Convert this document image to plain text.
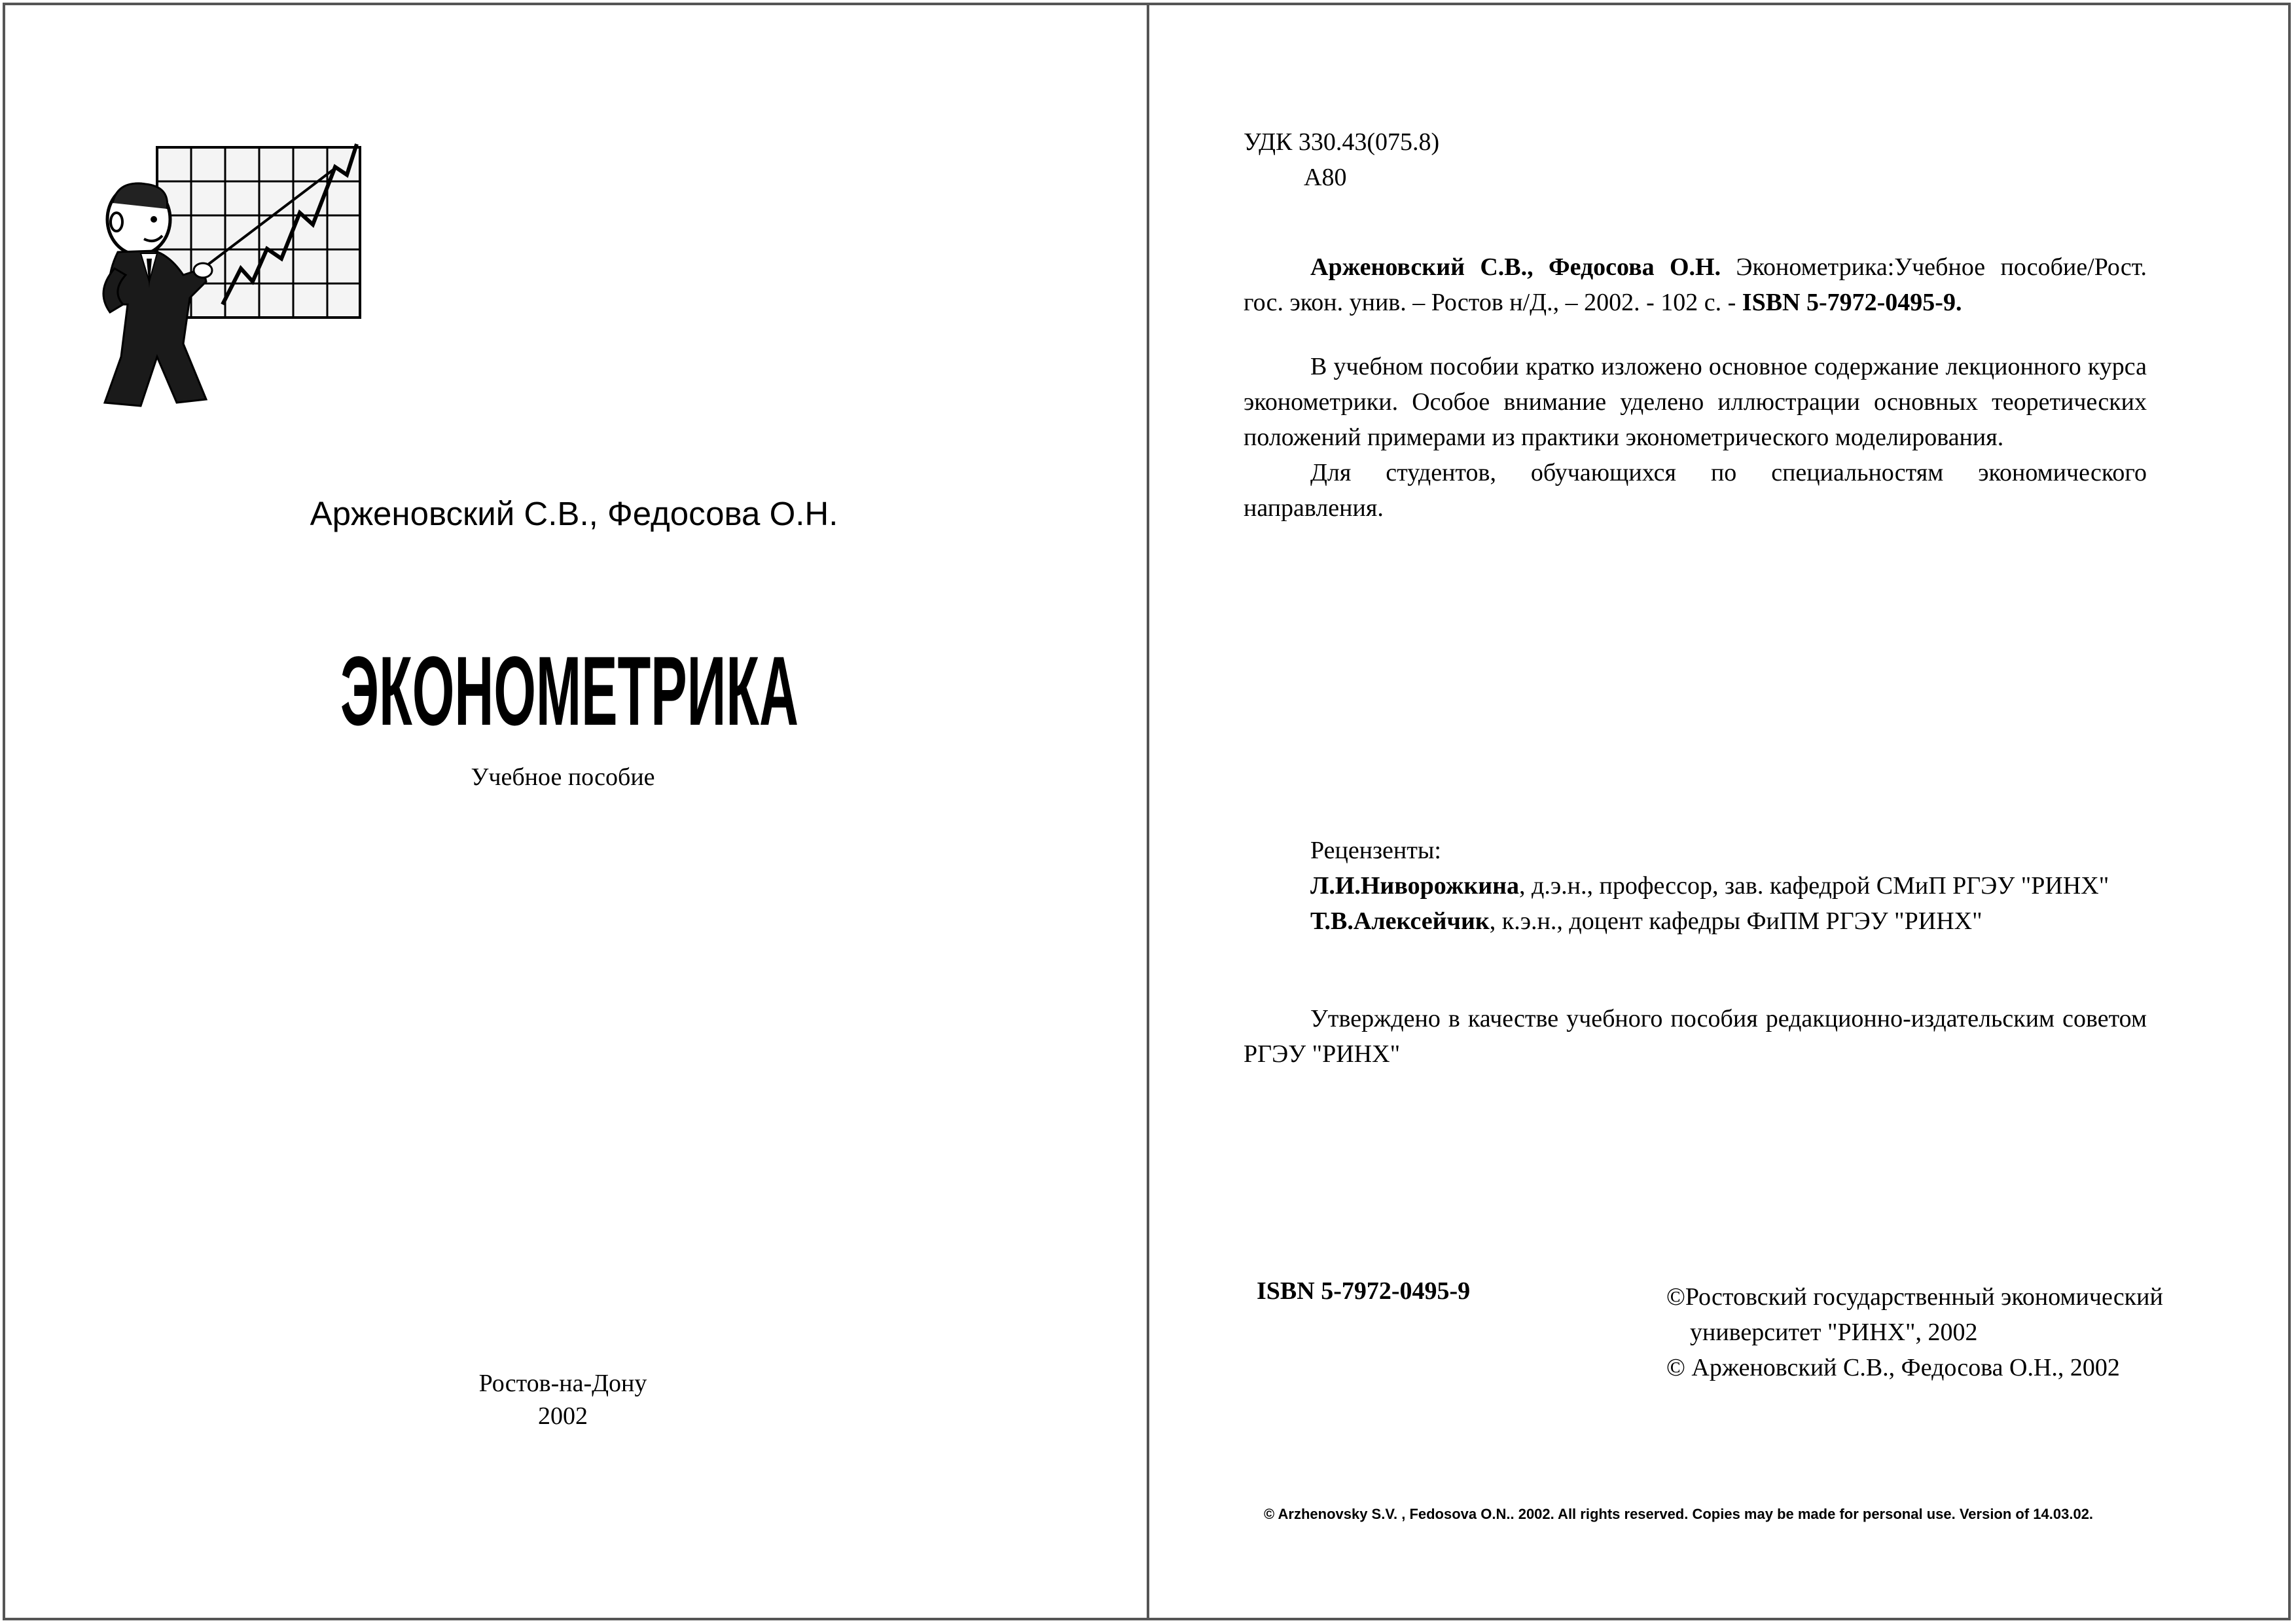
Арженовский С.В., Федосова О.Н.
ЭКОНОМЕТРИКА
Учебное пособие
Ростов-на-Дону
2002
УДК 330.43(075.8)
А80

Арженовский С.В., Федосова О.Н. Эконометрика:Учебное пособие/Рост. гос. экон. унив. – Ростов н/Д., – 2002. - 102 с. - ISBN 5-7972-0495-9.

В учебном пособии кратко изложено основное содержание лекционного курса эконометрики. Особое внимание уделено иллюстрации основных теоретических положений примерами из практики эконометрического моделирования.

Для студентов, обучающихся по специальностям экономического направления.

Рецензенты:

Л.И.Ниворожкина, д.э.н., профессор, зав. кафедрой СМиП РГЭУ "РИНХ"

Т.В.Алексейчик, к.э.н., доцент кафедры ФиПМ РГЭУ "РИНХ"

Утверждено в качестве учебного пособия редакционно-издательским советом РГЭУ "РИНХ"

ISBN 5-7972-0495-9	©Ростовский государственный экономический
университет "РИНХ", 2002
© Арженовский С.В., Федосова О.Н., 2002
© Arzhenovsky S.V. , Fedosova O.N.. 2002. All rights reserved. Copies may be made for personal use. Version of 14.03.02.
